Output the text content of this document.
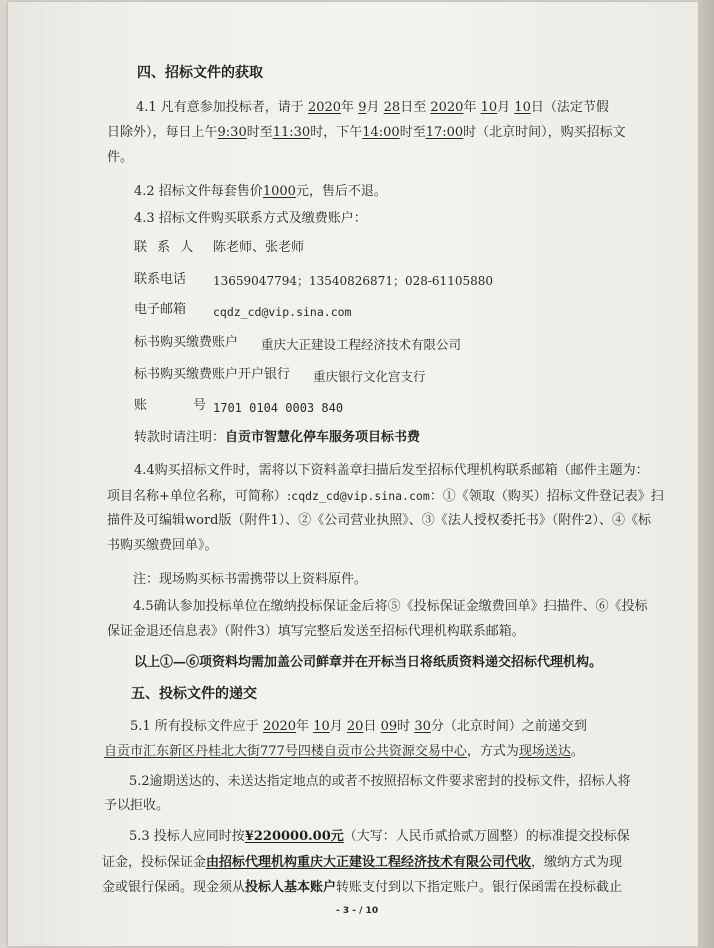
四、招标文件的获取
4.1 凡有意参加投标者，请于 2020年 9月 28日至 2020年 10月 10日（法定节假
日除外），每日上午9:30时至11:30时，下午14:00时至17:00时（北京时间），购买招标文
件。
4.2 招标文件每套售价1000元，售后不退。
4.3 招标文件购买联系方式及缴费账户：
联 系 人 陈老师、张老师
联系电话 13659047794；13540826871；028-61105880
电子邮箱 cqdz_cd@vip.sina.com
标书购买缴费账户 重庆大正建设工程经济技术有限公司
标书购买缴费账户开户银行 重庆银行文化宫支行
账	号 1701 0104 0003 840
转款时请注明：自贡市智慧化停车服务项目标书费
4.4购买招标文件时，需将以下资料盖章扫描后发至招标代理机构联系邮箱（邮件主题为：
项目名称+单位名称，可简称）:cqdz_cd@vip.sina.com：①《领取（购买）招标文件登记表》扫
描件及可编辑word版（附件1）、②《公司营业执照》、③《法人授权委托书》（附件2）、④《标
书购买缴费回单》。
注：现场购买标书需携带以上资料原件。
4.5确认参加投标单位在缴纳投标保证金后将⑤《投标保证金缴费回单》扫描件、⑥《投标
保证金退还信息表》（附件3）填写完整后发送至招标代理机构联系邮箱。
以上①—⑥项资料均需加盖公司鲜章并在开标当日将纸质资料递交招标代理机构。
五、投标文件的递交
5.1 所有投标文件应于 2020年 10月 20日 09时 30分（北京时间）之前递交到
自贡市汇东新区丹桂北大街777号四楼自贡市公共资源交易中心，方式为现场送达。
5.2逾期送达的、未送达指定地点的或者不按照招标文件要求密封的投标文件，招标人将
予以拒收。
5.3 投标人应同时按¥220000.00元（大写：人民币贰拾贰万圆整）的标准提交投标保
证金，投标保证金由招标代理机构重庆大正建设工程经济技术有限公司代收，缴纳方式为现
金或银行保函。现金须从投标人基本账户转账支付到以下指定账户。银行保函需在投标截止
- 3 - / 10
